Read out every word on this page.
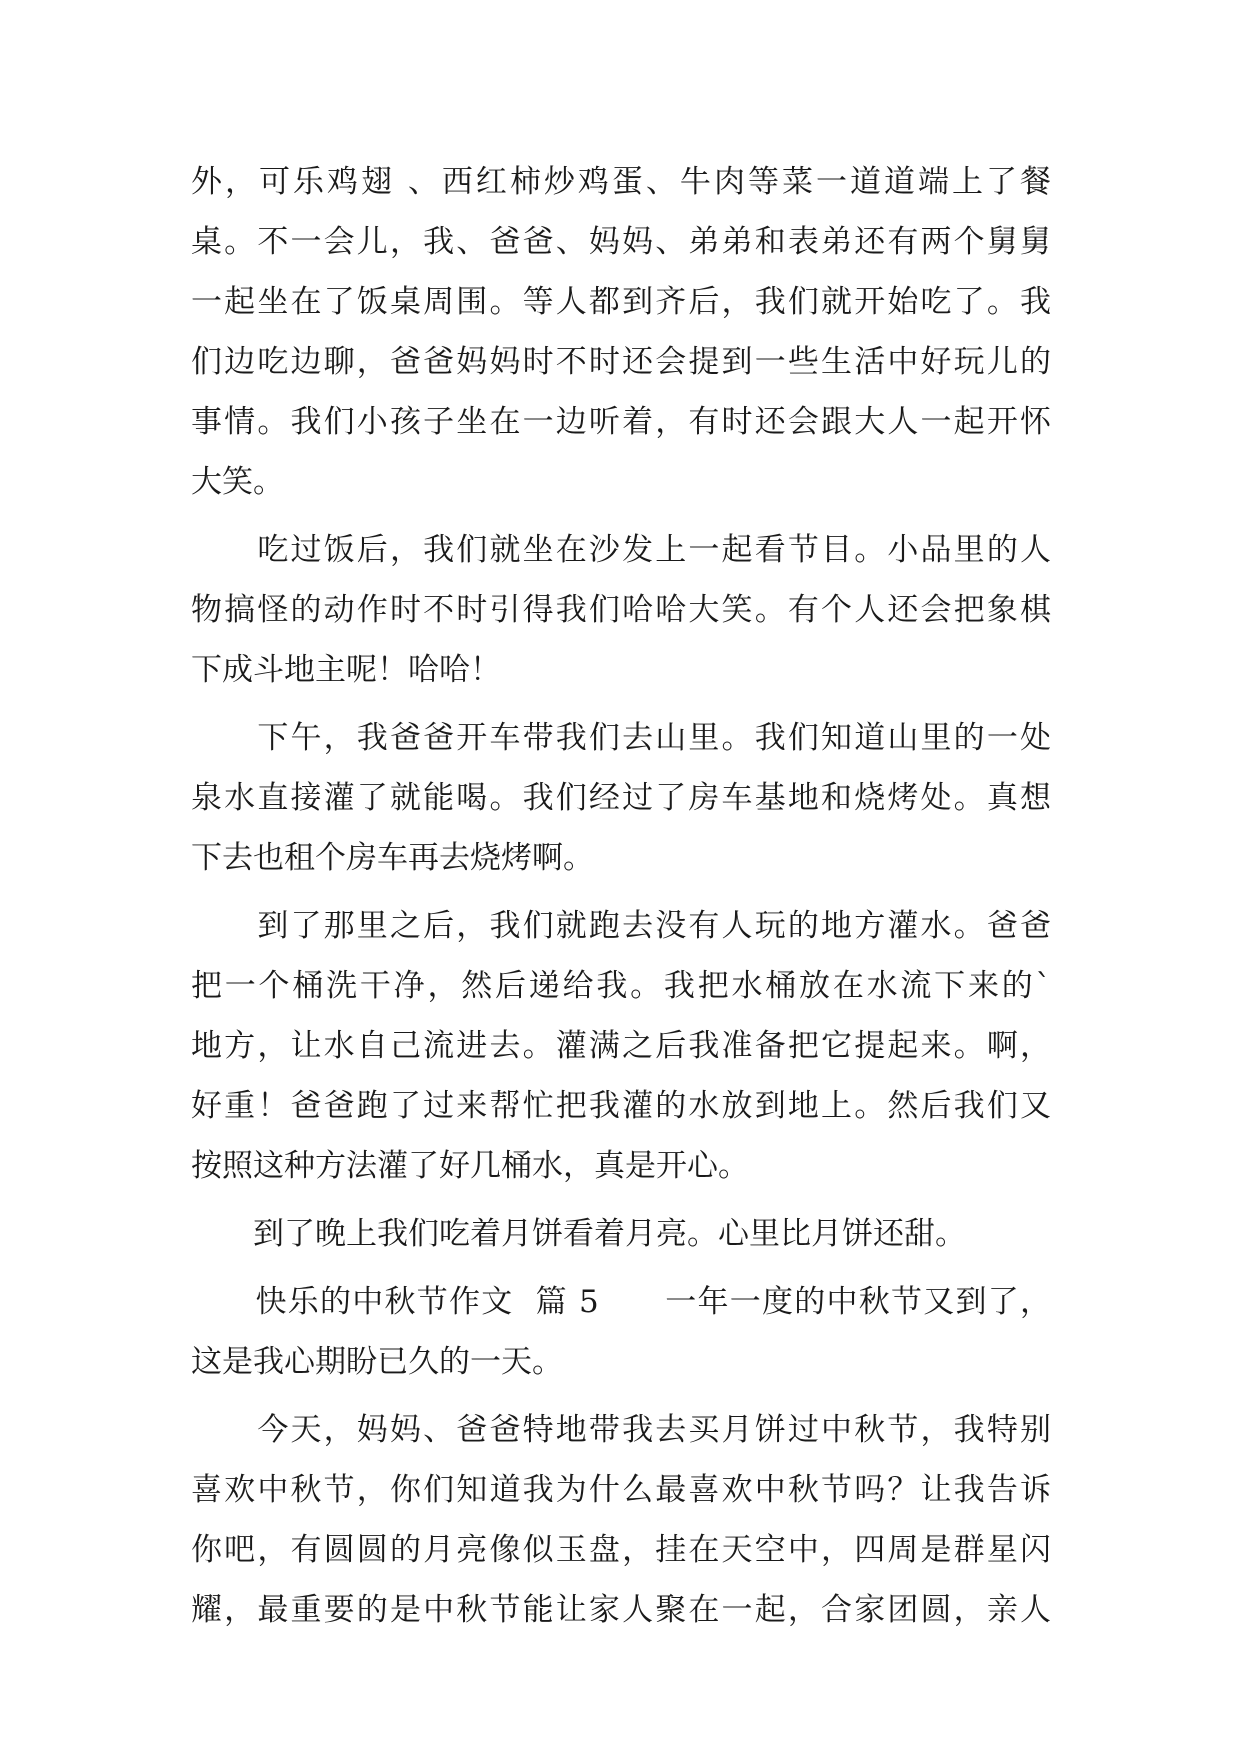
外，可乐鸡翅 、西红柿炒鸡蛋、牛肉等菜一道道端上了餐
桌。不一会儿，我、爸爸、妈妈、弟弟和表弟还有两个舅舅
一起坐在了饭桌周围。等人都到齐后，我们就开始吃了。我
们边吃边聊，爸爸妈妈时不时还会提到一些生活中好玩儿的
事情。我们小孩子坐在一边听着，有时还会跟大人一起开怀
大笑。
　　吃过饭后，我们就坐在沙发上一起看节目。小品里的人
物搞怪的动作时不时引得我们哈哈大笑。有个人还会把象棋
下成斗地主呢！哈哈！
　　下午，我爸爸开车带我们去山里。我们知道山里的一处
泉水直接灌了就能喝。我们经过了房车基地和烧烤处。真想
下去也租个房车再去烧烤啊。
　　到了那里之后，我们就跑去没有人玩的地方灌水。爸爸
把一个桶洗干净，然后递给我。我把水桶放在水流下来的`
地方，让水自己流进去。灌满之后我准备把它提起来。啊，
好重！爸爸跑了过来帮忙把我灌的水放到地上。然后我们又
按照这种方法灌了好几桶水，真是开心。
　　到了晚上我们吃着月饼看着月亮。心里比月饼还甜。
　　快乐的中秋节作文  篇 5      一年一度的中秋节又到了，
这是我心期盼已久的一天。
　　今天，妈妈、爸爸特地带我去买月饼过中秋节，我特别
喜欢中秋节，你们知道我为什么最喜欢中秋节吗？让我告诉
你吧，有圆圆的月亮像似玉盘，挂在天空中，四周是群星闪
耀，最重要的是中秋节能让家人聚在一起，合家团圆，亲人
